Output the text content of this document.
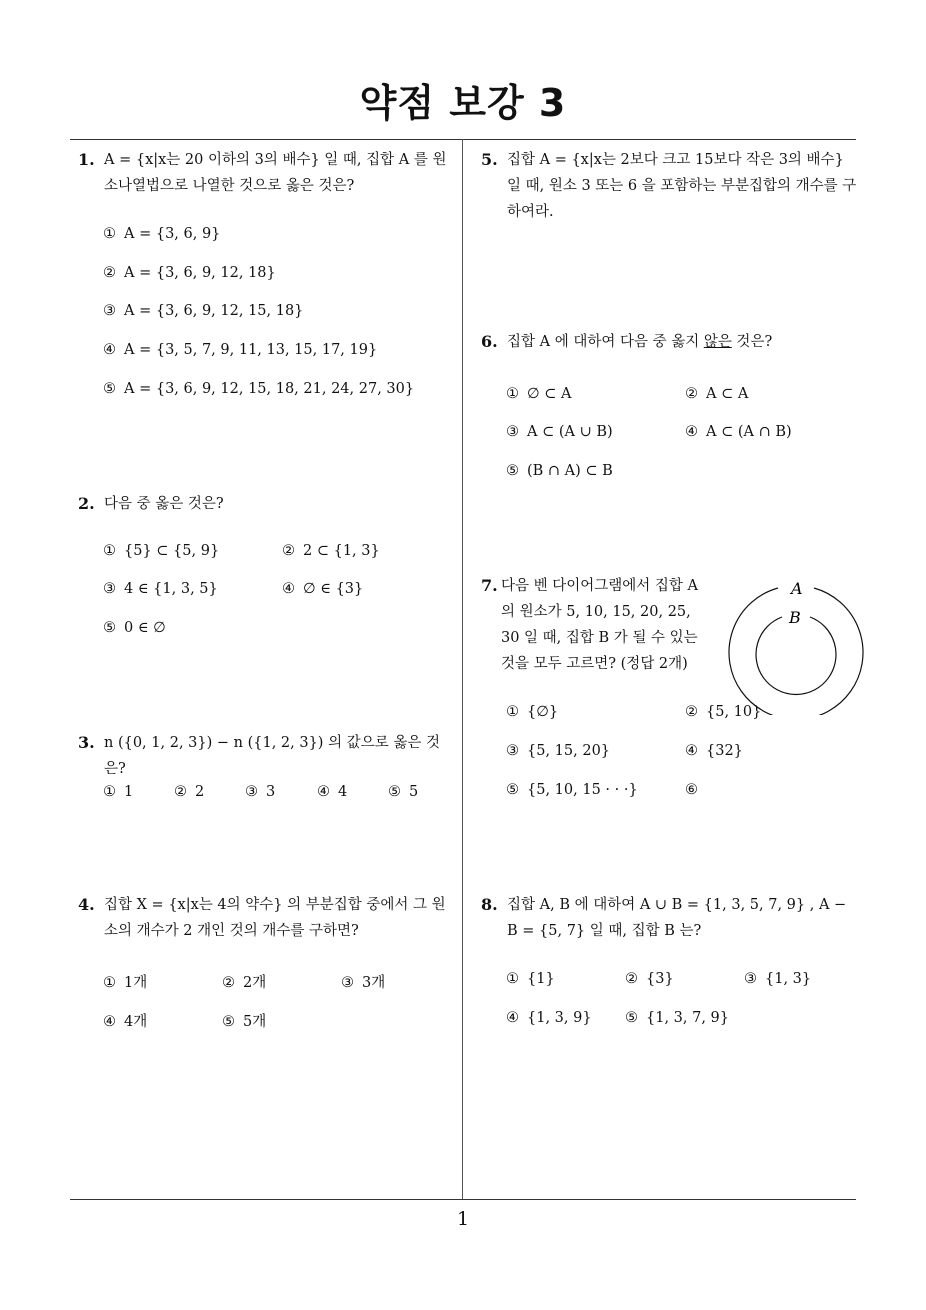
약점 보강 3
1
1. A = {x|x는 20 이하의 3의 배수} 일 때, 집합 A 를 원소나열법으로 나열한 것으로 옳은 것은?
① A = {3, 6, 9}
② A = {3, 6, 9, 12, 18}
③ A = {3, 6, 9, 12, 15, 18}
④ A = {3, 5, 7, 9, 11, 13, 15, 17, 19}
⑤ A = {3, 6, 9, 12, 15, 18, 21, 24, 27, 30}
2. 다음 중 옳은 것은?
① {5} ⊂ {5, 9}	② 2 ⊂ {1, 3}
③ 4 ∈ {1, 3, 5}	④ ∅ ∈ {3}
⑤ 0 ∈ ∅
3. n ({0, 1, 2, 3}) − n ({1, 2, 3}) 의 값으로 옳은 것은?
① 1	② 2	③ 3	④ 4	⑤ 5
4. 집합 X = {x|x는 4의 약수} 의 부분집합 중에서 그 원소의 개수가 2 개인 것의 개수를 구하면?
① 1개	② 2개	③ 3개
④ 4개	⑤ 5개
5. 집합 A = {x|x는 2보다 크고 15보다 작은 3의 배수} 일 때, 원소 3 또는 6 을 포함하는 부분집합의 개수를 구하여라.
6. 집합 A 에 대하여 다음 중 옳지 않은 것은?
① ∅ ⊂ A	② A ⊂ A
③ A ⊂ (A ∪ B)	④ A ⊂ (A ∩ B)
⑤ (B ∩ A) ⊂ B
7. 다음 벤 다이어그램에서 집합 A 의 원소가 5, 10, 15, 20, 25, 30 일 때, 집합 B 가 될 수 있는 것을 모두 고르면? (정답 2개)
A
B
① {∅}	② {5, 10}
③ {5, 15, 20}	④ {32}
⑤ {5, 10, 15 · · ·}	⑥
8. 집합 A, B 에 대하여 A ∪ B = {1, 3, 5, 7, 9} , A − B = {5, 7} 일 때, 집합 B 는?
① {1}	② {3}	③ {1, 3}
④ {1, 3, 9} ⑤ {1, 3, 7, 9}
